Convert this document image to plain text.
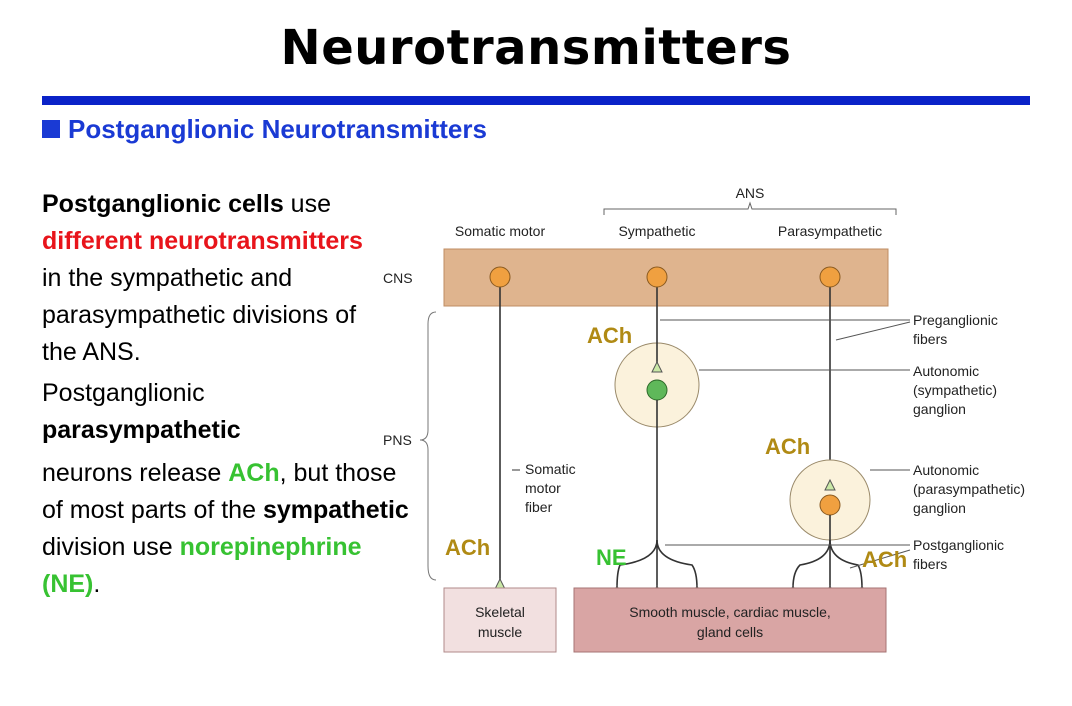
Neurotransmitters
Postganglionic Neurotransmitters

Postganglionic cells use
different neurotransmitters
in the sympathetic and parasympathetic divisions of the ANS.

Postganglionic
parasympathetic

neurons release ACh, but those of most parts of the sympathetic division use norepinephrine (NE).

ANS
Somatic motor	Sympathetic	Parasympathetic
CNS
PNS
Somatic
motor
fiber
Preganglionic
fibers
Autonomic
(sympathetic)
ganglion
Autonomic
(parasympathetic)
ganglion
Postganglionic
fibers
Skeletal
muscle
Smooth muscle, cardiac muscle,
gland cells
ACh
ACh
ACh	NE	ACh
